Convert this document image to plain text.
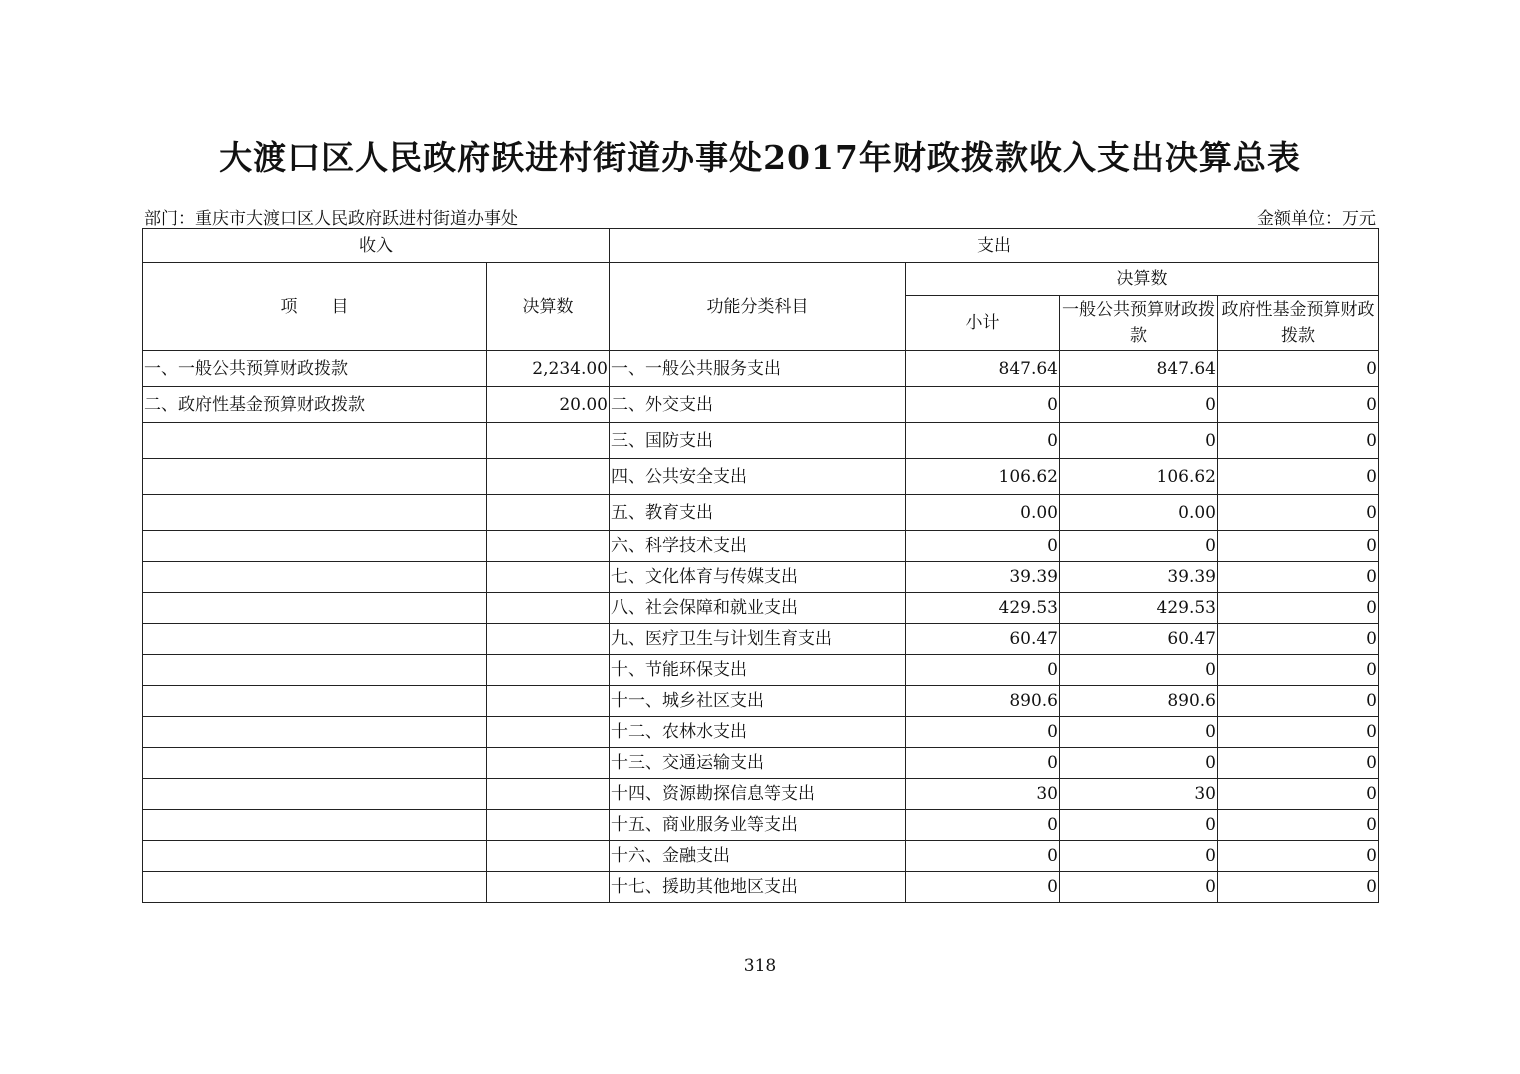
大渡口区人民政府跃进村街道办事处2017年财政拨款收入支出决算总表
部门：重庆市大渡口区人民政府跃进村街道办事处	金额单位：万元
收入		支出			
项　　目	决算数	功能分类科目	决算数		
			小计	一般公共预算财政拨款	政府性基金预算财政拨款
一、一般公共预算财政拨款	2,234.00	一、一般公共服务支出	847.64	847.64	0
二、政府性基金预算财政拨款	20.00	二、外交支出	0	0	0
		三、国防支出	0	0	0
		四、公共安全支出	106.62	106.62	0
		五、教育支出	0.00	0.00	0
		六、科学技术支出	0	0	0
		七、文化体育与传媒支出	39.39	39.39	0
		八、社会保障和就业支出	429.53	429.53	0
		九、医疗卫生与计划生育支出	60.47	60.47	0
		十、节能环保支出	0	0	0
		十一、城乡社区支出	890.6	890.6	0
		十二、农林水支出	0	0	0
		十三、交通运输支出	0	0	0
		十四、资源勘探信息等支出	30	30	0
		十五、商业服务业等支出	0	0	0
		十六、金融支出	0	0	0
		十七、援助其他地区支出	0	0	0
318
